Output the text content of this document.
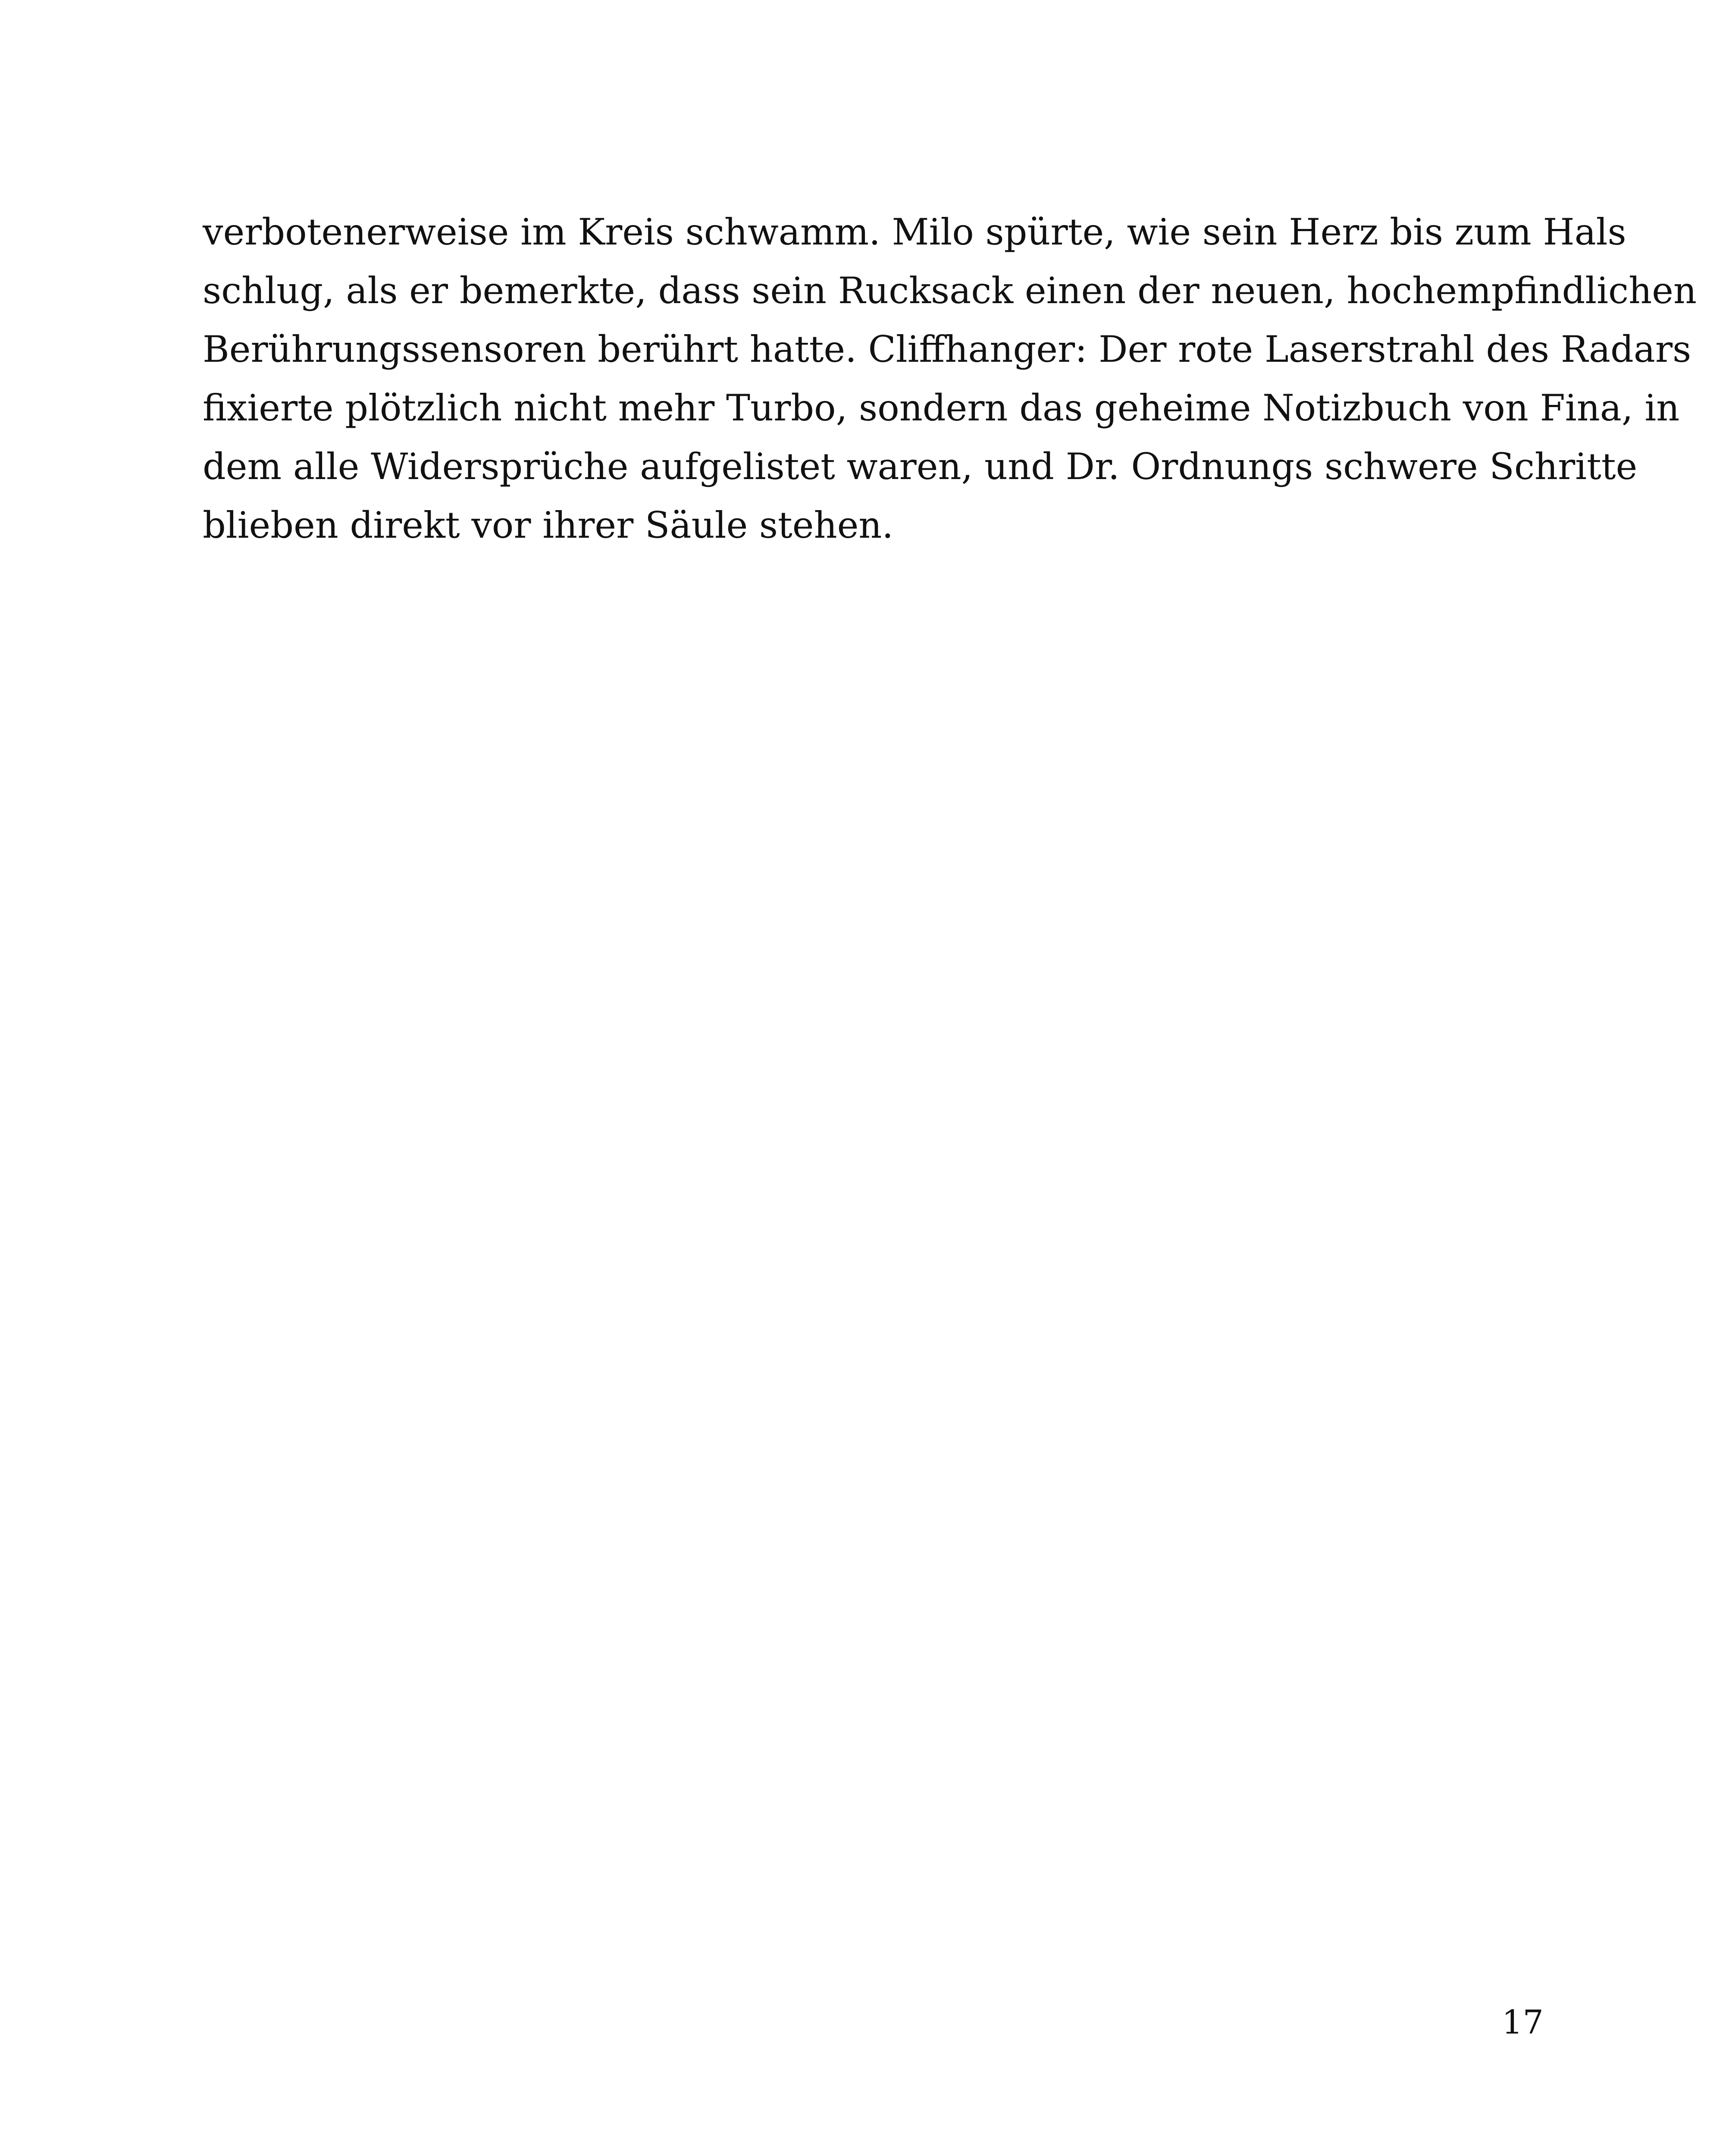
verbotenerweise im Kreis schwamm. Milo spürte, wie sein Herz bis zum Hals
schlug, als er bemerkte, dass sein Rucksack einen der neuen, hochempfindlichen
Berührungssensoren berührt hatte. Cliffhanger: Der rote Laserstrahl des Radars
fixierte plötzlich nicht mehr Turbo, sondern das geheime Notizbuch von Fina, in
dem alle Widersprüche aufgelistet waren, und Dr. Ordnungs schwere Schritte
blieben direkt vor ihrer Säule stehen.
17
